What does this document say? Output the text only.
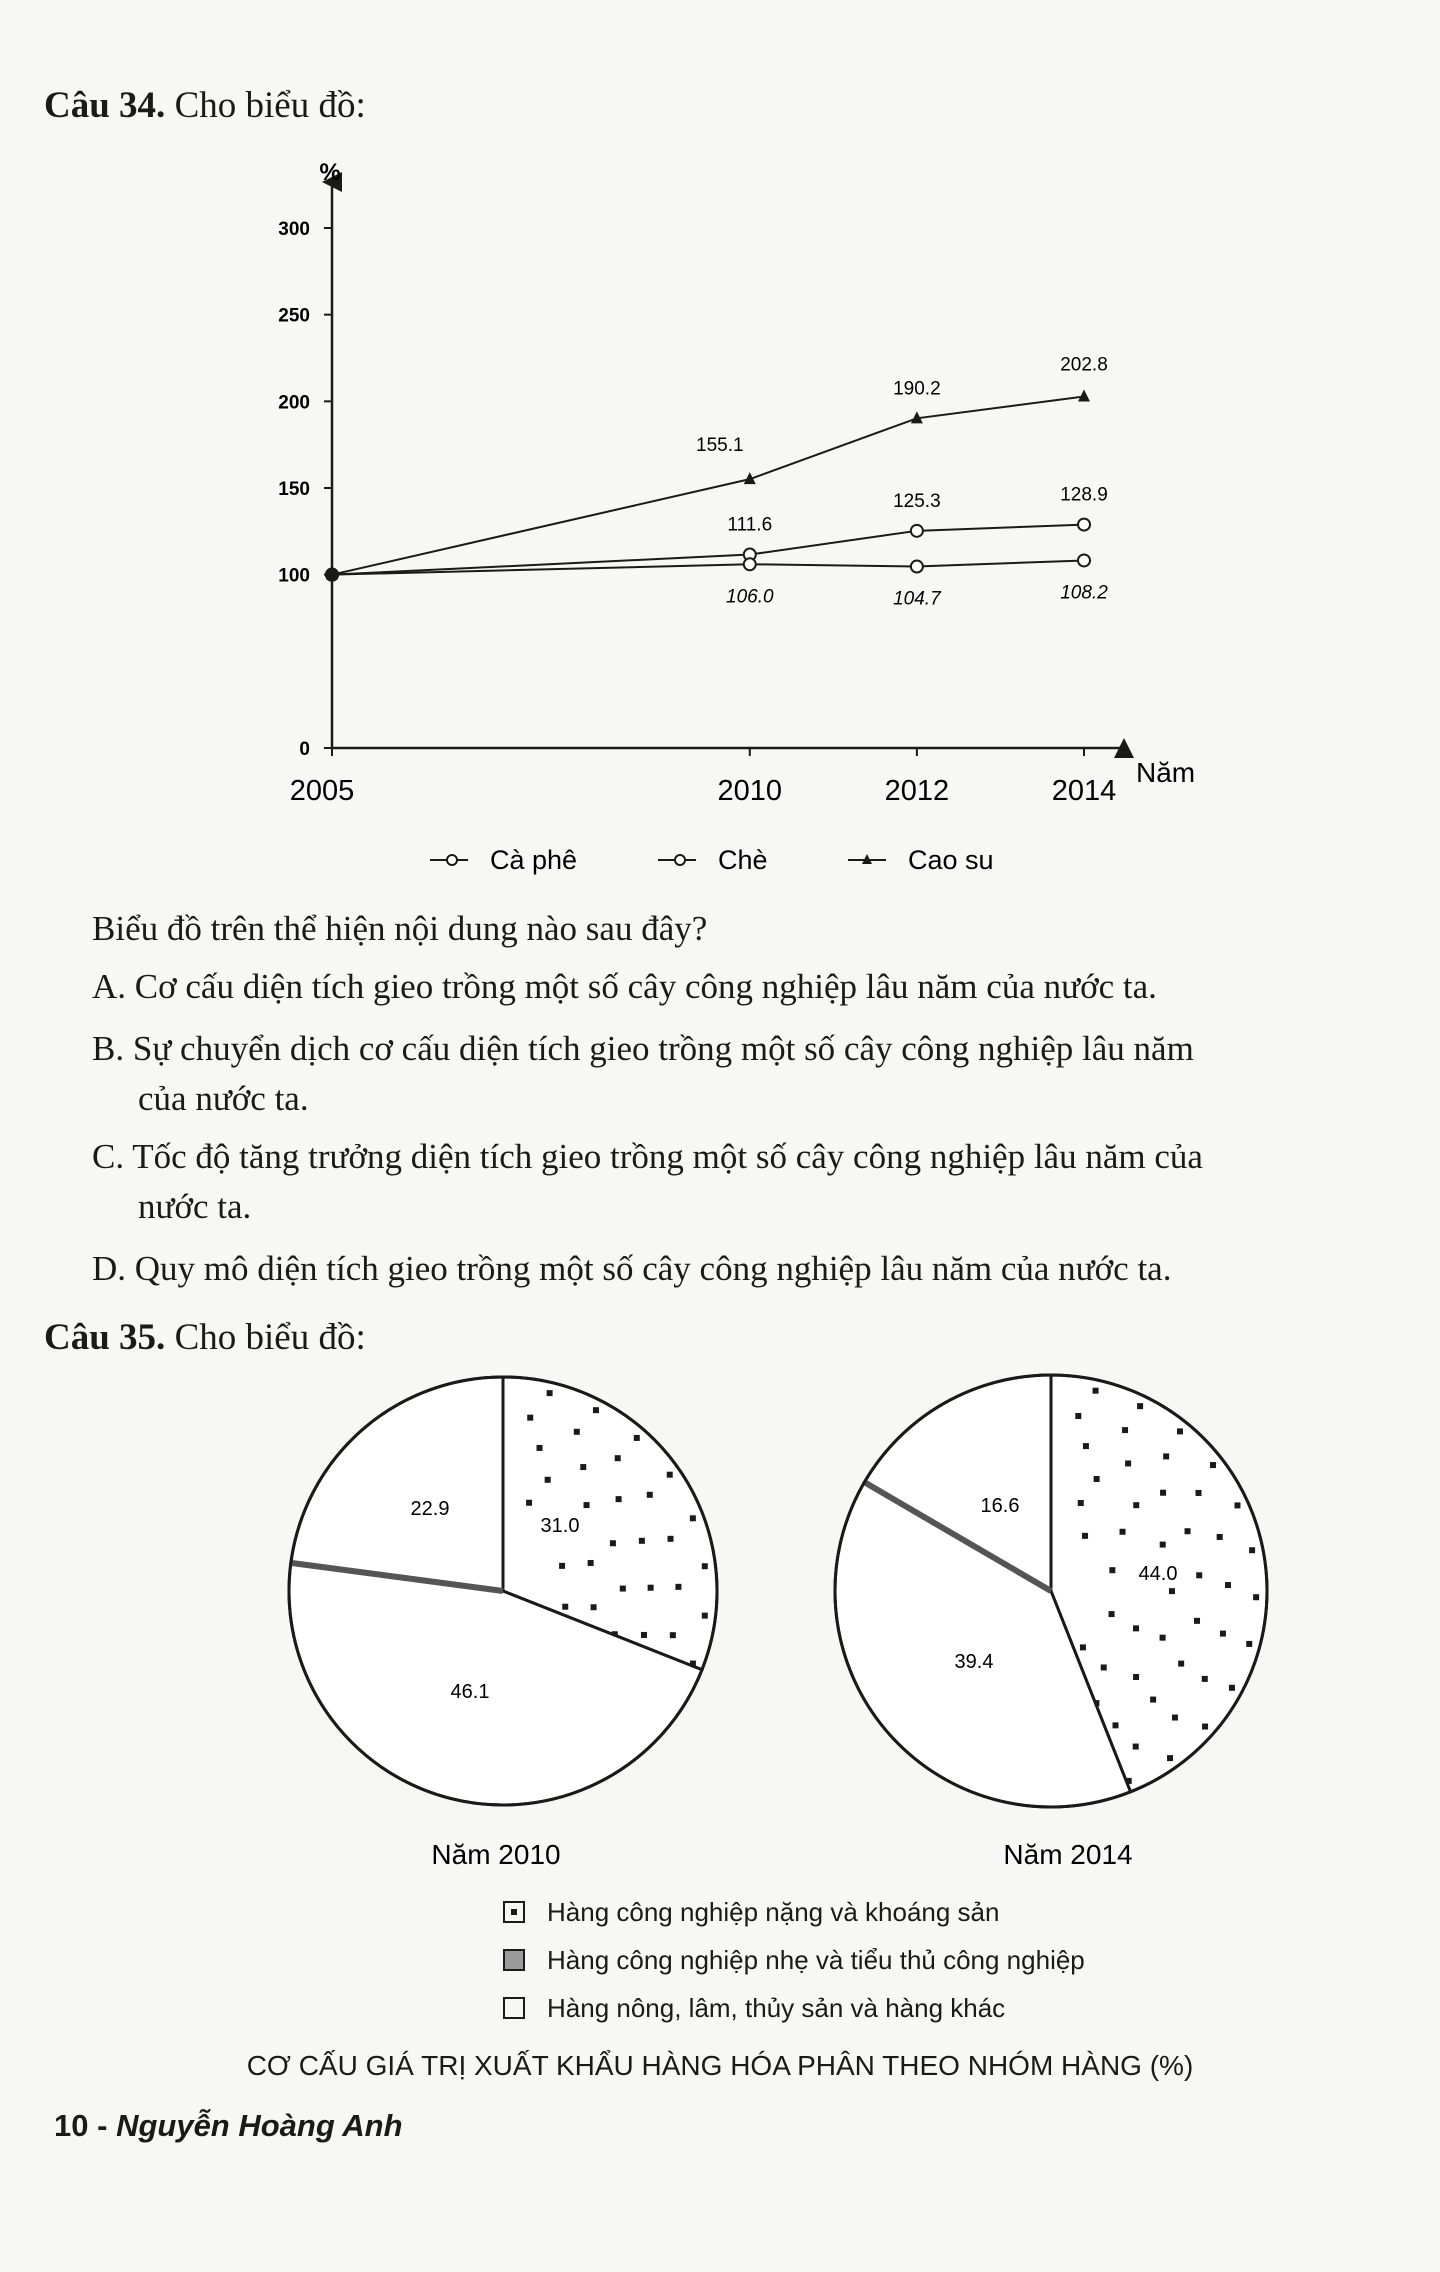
Câu 34. Cho biểu đồ:
0
100
150
200
250
300
2005	2010	2012	2014
%
Năm
111.6
125.3	128.9
106.0	104.7	108.2
155.1
190.2
202.8
Cà phê	Chè	Cao su
Biểu đồ trên thể hiện nội dung nào sau đây?
A. Cơ cấu diện tích gieo trồng một số cây công nghiệp lâu năm của nước ta.
B. Sự chuyển dịch cơ cấu diện tích gieo trồng một số cây công nghiệp lâu năm
của nước ta.
C. Tốc độ tăng trưởng diện tích gieo trồng một số cây công nghiệp lâu năm của
nước ta.
D. Quy mô diện tích gieo trồng một số cây công nghiệp lâu năm của nước ta.
Câu 35. Cho biểu đồ:
31.0
46.1
22.9
Năm 2010
44.0
39.4
16.6
Năm 2014
Hàng công nghiệp nặng và khoáng sản
Hàng công nghiệp nhẹ và tiểu thủ công nghiệp
Hàng nông, lâm, thủy sản và hàng khác
CƠ CẤU GIÁ TRỊ XUẤT KHẨU HÀNG HÓA PHÂN THEO NHÓM HÀNG (%)
10 - Nguyễn Hoàng Anh
